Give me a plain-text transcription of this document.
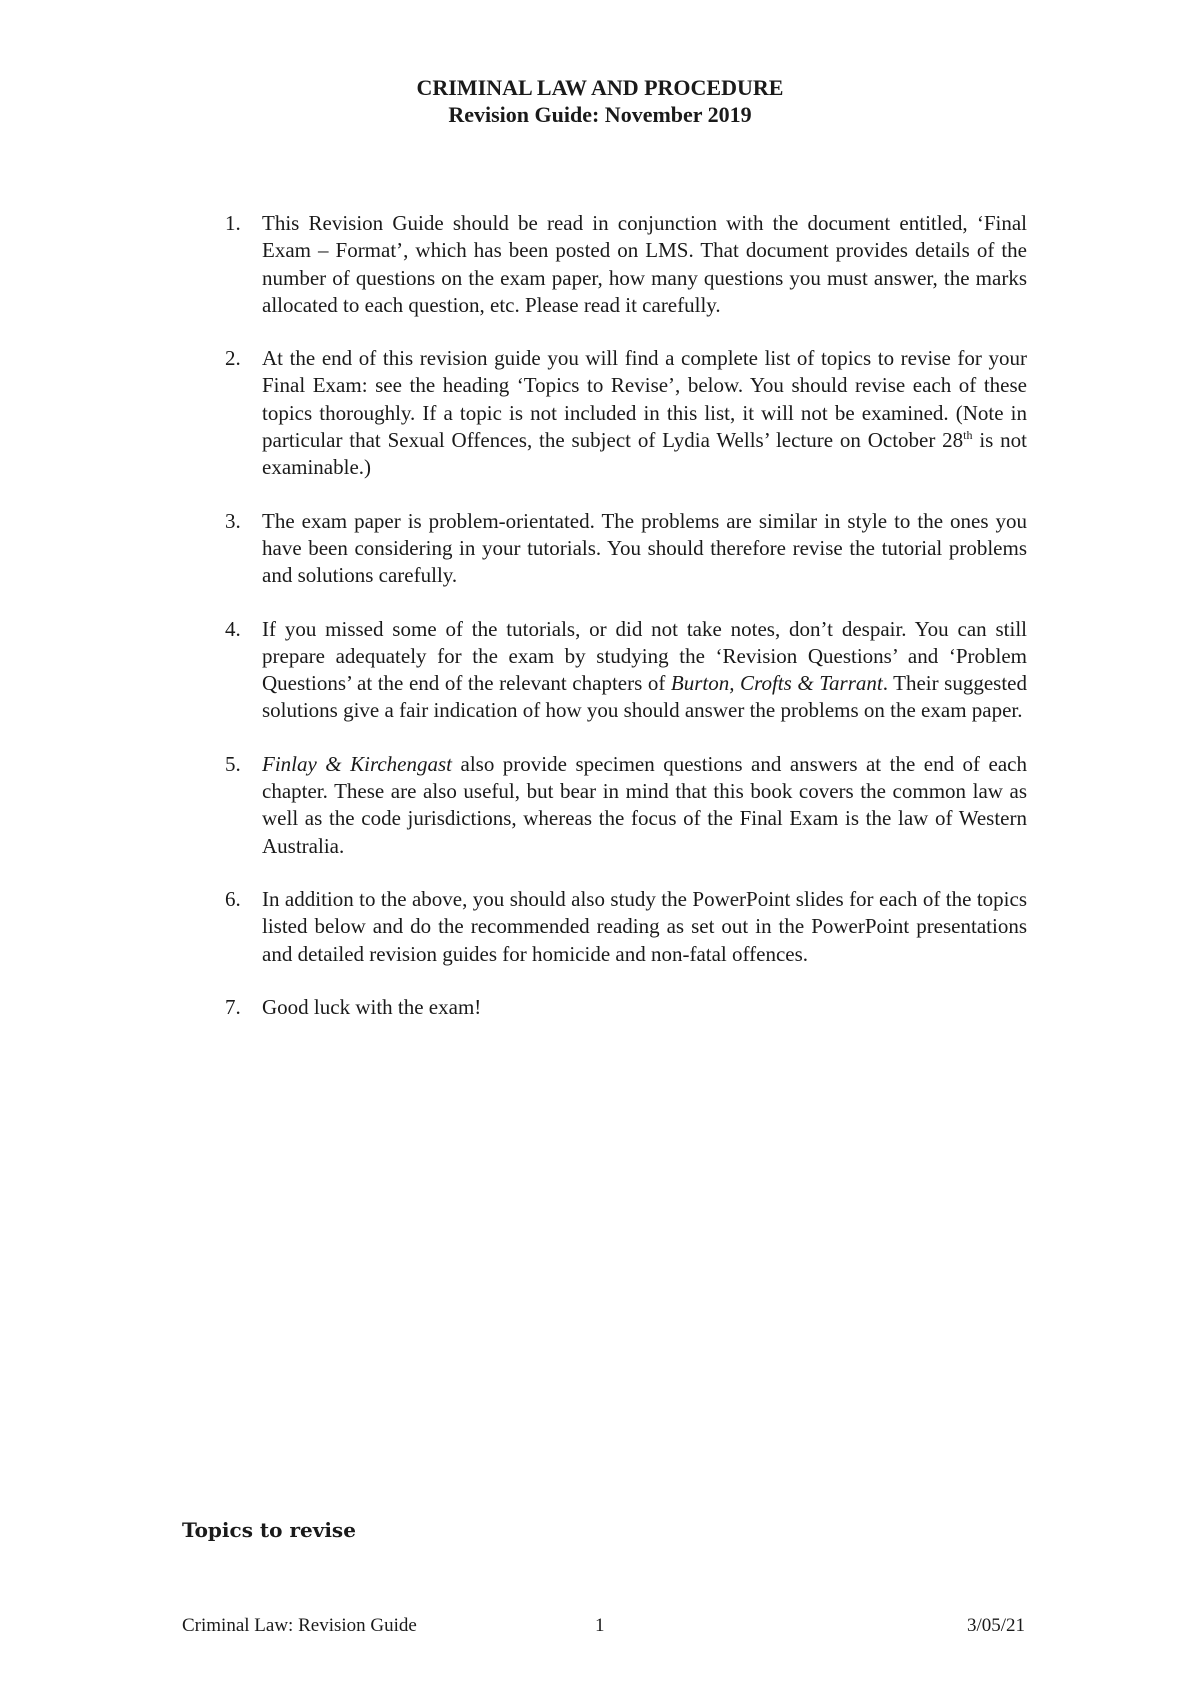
CRIMINAL LAW AND PROCEDURE
Revision Guide: November 2019
1. This Revision Guide should be read in conjunction with the document entitled, ‘Final Exam – Format’, which has been posted on LMS. That document provides details of the number of questions on the exam paper, how many questions you must answer, the marks allocated to each question, etc. Please read it carefully.
2. At the end of this revision guide you will find a complete list of topics to revise for your Final Exam: see the heading ‘Topics to Revise’, below. You should revise each of these topics thoroughly. If a topic is not included in this list, it will not be examined. (Note in particular that Sexual Offences, the subject of Lydia Wells’ lecture on October 28th is not examinable.)
3. The exam paper is problem-orientated. The problems are similar in style to the ones you have been considering in your tutorials. You should therefore revise the tutorial problems and solutions carefully.
4. If you missed some of the tutorials, or did not take notes, don’t despair. You can still prepare adequately for the exam by studying the ‘Revision Questions’ and ‘Problem Questions’ at the end of the relevant chapters of Burton, Crofts & Tarrant. Their suggested solutions give a fair indication of how you should answer the problems on the exam paper.
5. Finlay & Kirchengast also provide specimen questions and answers at the end of each chapter. These are also useful, but bear in mind that this book covers the common law as well as the code jurisdictions, whereas the focus of the Final Exam is the law of Western Australia.
6. In addition to the above, you should also study the PowerPoint slides for each of the topics listed below and do the recommended reading as set out in the PowerPoint presentations and detailed revision guides for homicide and non-fatal offences.
7. Good luck with the exam!
Topics to revise
Criminal Law: Revision Guide	1	3/05/21
